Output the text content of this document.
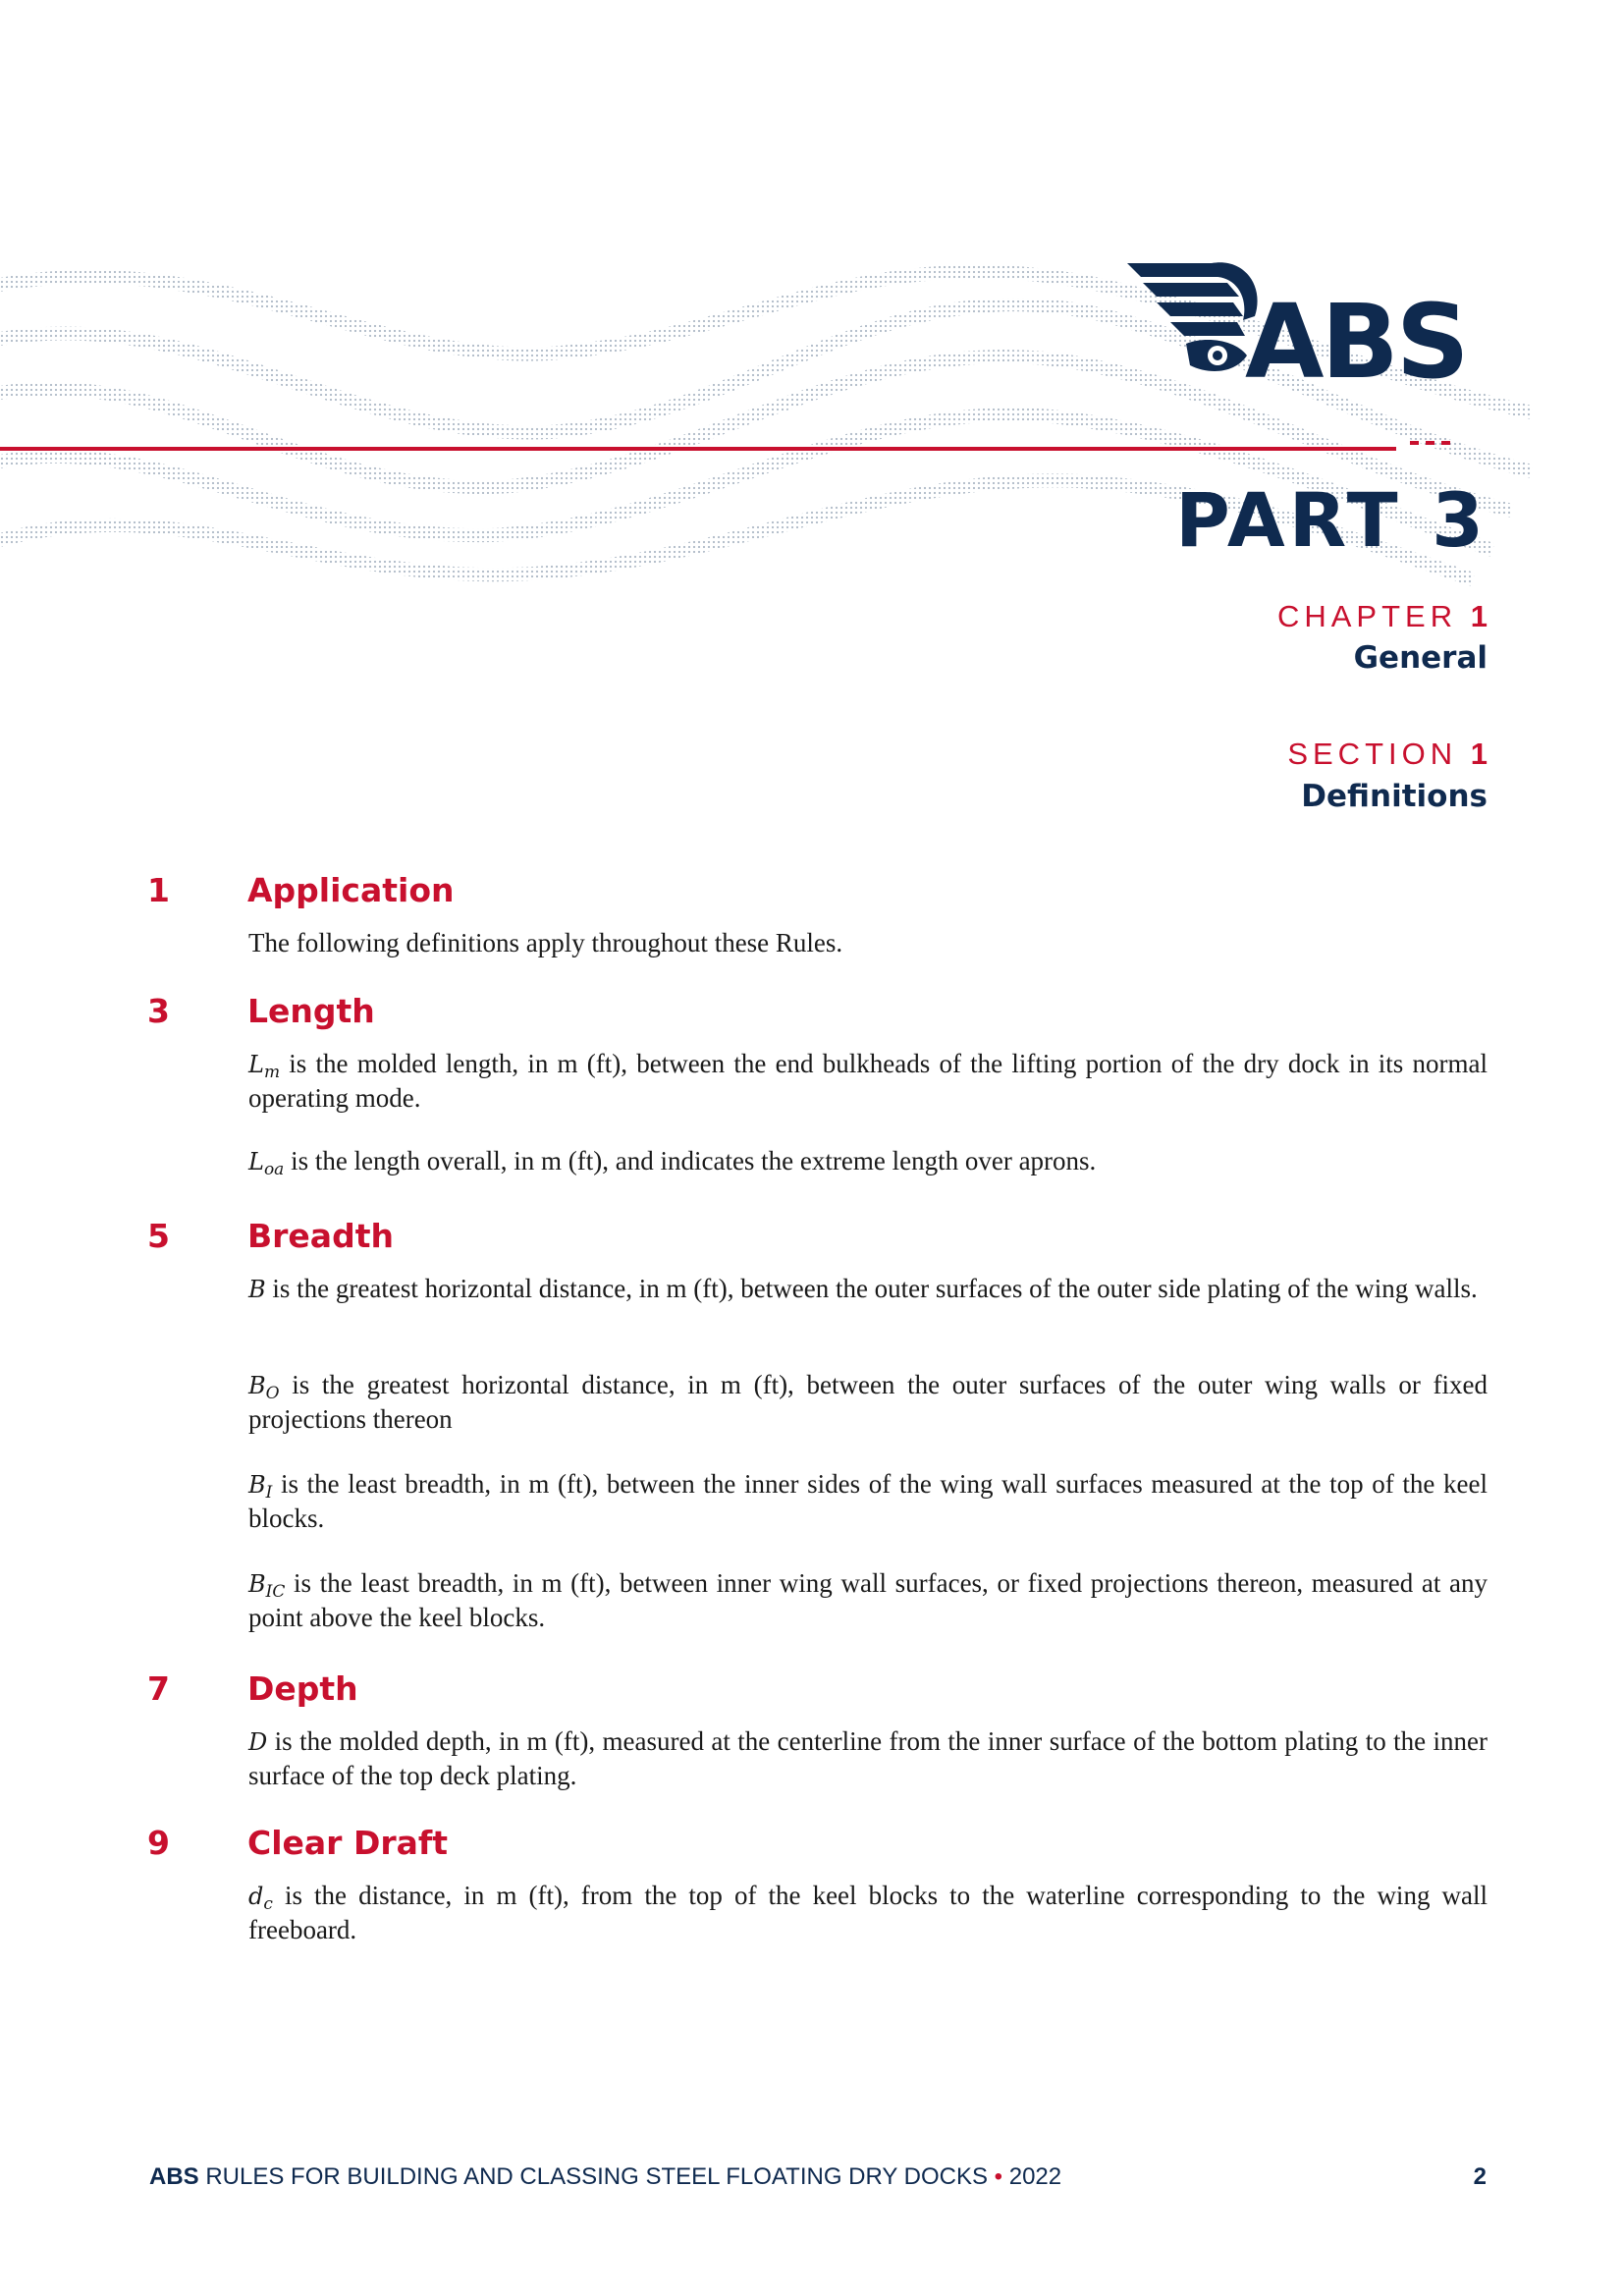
ABS
PART 3
CHAPTER 1
General
SECTION 1
Definitions
1 Application
The following definitions apply throughout these Rules.
3 Length
$L_m$ is the molded length, in m (ft), between the end bulkheads of the lifting portion of the dry dock in its normal operating mode.
$L_{oa}$ is the length overall, in m (ft), and indicates the extreme length over aprons.
5 Breadth
B is the greatest horizontal distance, in m (ft), between the outer surfaces of the outer side plating of the wing walls.
$B_O$ is the greatest horizontal distance, in m (ft), between the outer surfaces of the outer wing walls or fixed projections thereon
$B_I$ is the least breadth, in m (ft), between the inner sides of the wing wall surfaces measured at the top of the keel blocks.
$B_{IC}$ is the least breadth, in m (ft), between inner wing wall surfaces, or fixed projections thereon, measured at any point above the keel blocks.
7 Depth
D is the molded depth, in m (ft), measured at the centerline from the inner surface of the bottom plating to the inner surface of the top deck plating.
9 Clear Draft
$d_c$ is the distance, in m (ft), from the top of the keel blocks to the waterline corresponding to the wing wall freeboard.
ABS RULES FOR BUILDING AND CLASSING STEEL FLOATING DRY DOCKS • 2022	2
